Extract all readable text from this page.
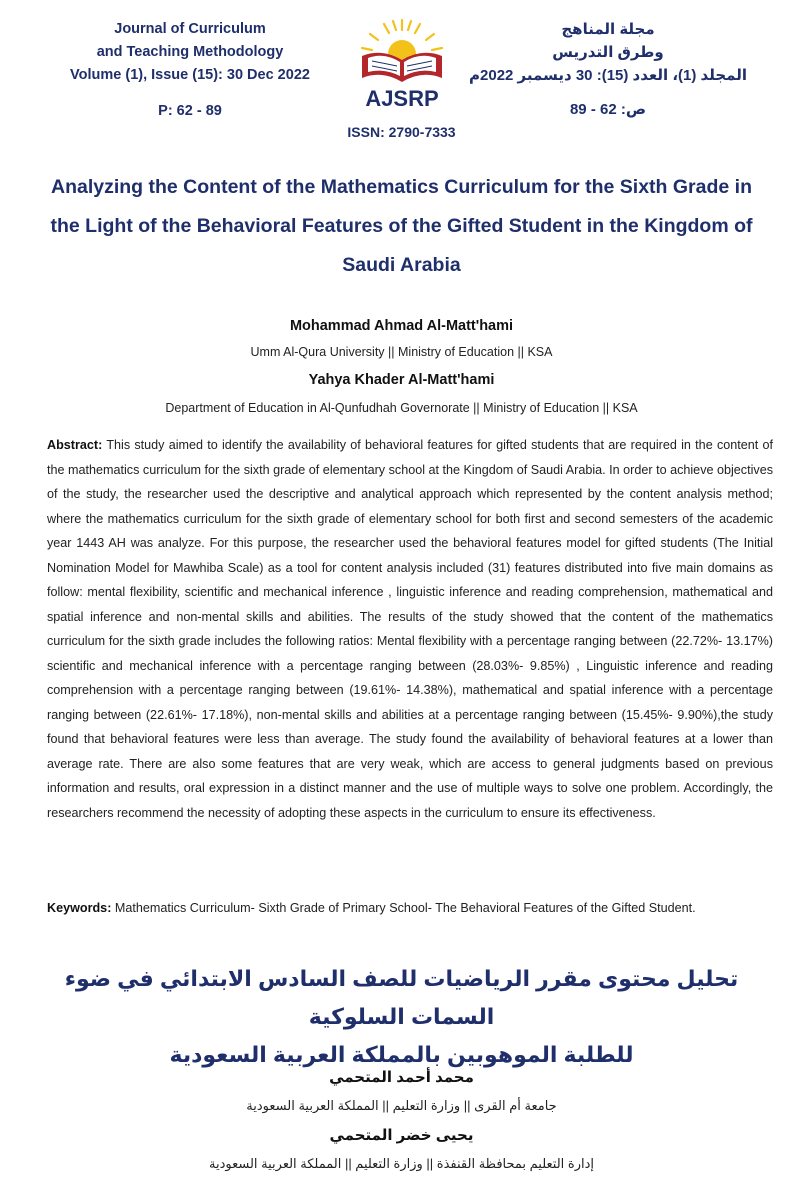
Journal of Curriculum
and Teaching Methodology
Volume (1), Issue (15): 30 Dec 2022
P: 62 - 89	AJSRP
ISSN: 2790-7333
مجلة المناهج
وطرق التدريس
المجلد (1)، العدد (15): 30 ديسمبر 2022م
ص: 62 - 89
Analyzing the Content of the Mathematics Curriculum for the Sixth Grade in the Light of the Behavioral Features of the Gifted Student in the Kingdom of Saudi Arabia
Mohammad Ahmad Al-Matt'hami
Umm Al-Qura University || Ministry of Education || KSA
Yahya Khader Al-Matt'hami
Department of Education in Al-Qunfudhah Governorate || Ministry of Education || KSA
Abstract: This study aimed to identify the availability of behavioral features for gifted students that are required in the content of the mathematics curriculum for the sixth grade of elementary school at the Kingdom of Saudi Arabia. In order to achieve objectives of the study, the researcher used the descriptive and analytical approach which represented by the content analysis method; where the mathematics curriculum for the sixth grade of elementary school for both first and second semesters of the academic year 1443 AH was analyze. For this purpose, the researcher used the behavioral features model for gifted students (The Initial Nomination Model for Mawhiba Scale) as a tool for content analysis included (31) features distributed into five main domains as follow: mental flexibility, scientific and mechanical inference , linguistic inference and reading comprehension, mathematical and spatial inference and non-mental skills and abilities. The results of the study showed that the content of the mathematics curriculum for the sixth grade includes the following ratios: Mental flexibility with a percentage ranging between (22.72%- 13.17%) scientific and mechanical inference with a percentage ranging between (28.03%- 9.85%) , Linguistic inference and reading comprehension with a percentage ranging between (19.61%- 14.38%), mathematical and spatial inference with a percentage ranging between (22.61%- 17.18%), non-mental skills and abilities at a percentage ranging between (15.45%- 9.90%),the study found that behavioral features were less than average. The study found the availability of behavioral features at a lower than average rate. There are also some features that are very weak, which are access to general judgments based on previous information and results, oral expression in a distinct manner and the use of multiple ways to solve one problem. Accordingly, the researchers recommend the necessity of adopting these aspects in the curriculum to ensure its effectiveness.
Keywords: Mathematics Curriculum- Sixth Grade of Primary School- The Behavioral Features of the Gifted Student.
تحليل محتوى مقرر الرياضيات للصف السادس الابتدائي في ضوء السمات السلوكية
للطلبة الموهوبين بالمملكة العربية السعودية
محمد أحمد المتحمي
جامعة أم القرى || وزارة التعليم || المملكة العربية السعودية
يحيى خضر المتحمي
إدارة التعليم بمحافظة القنفذة || وزارة التعليم || المملكة العربية السعودية
